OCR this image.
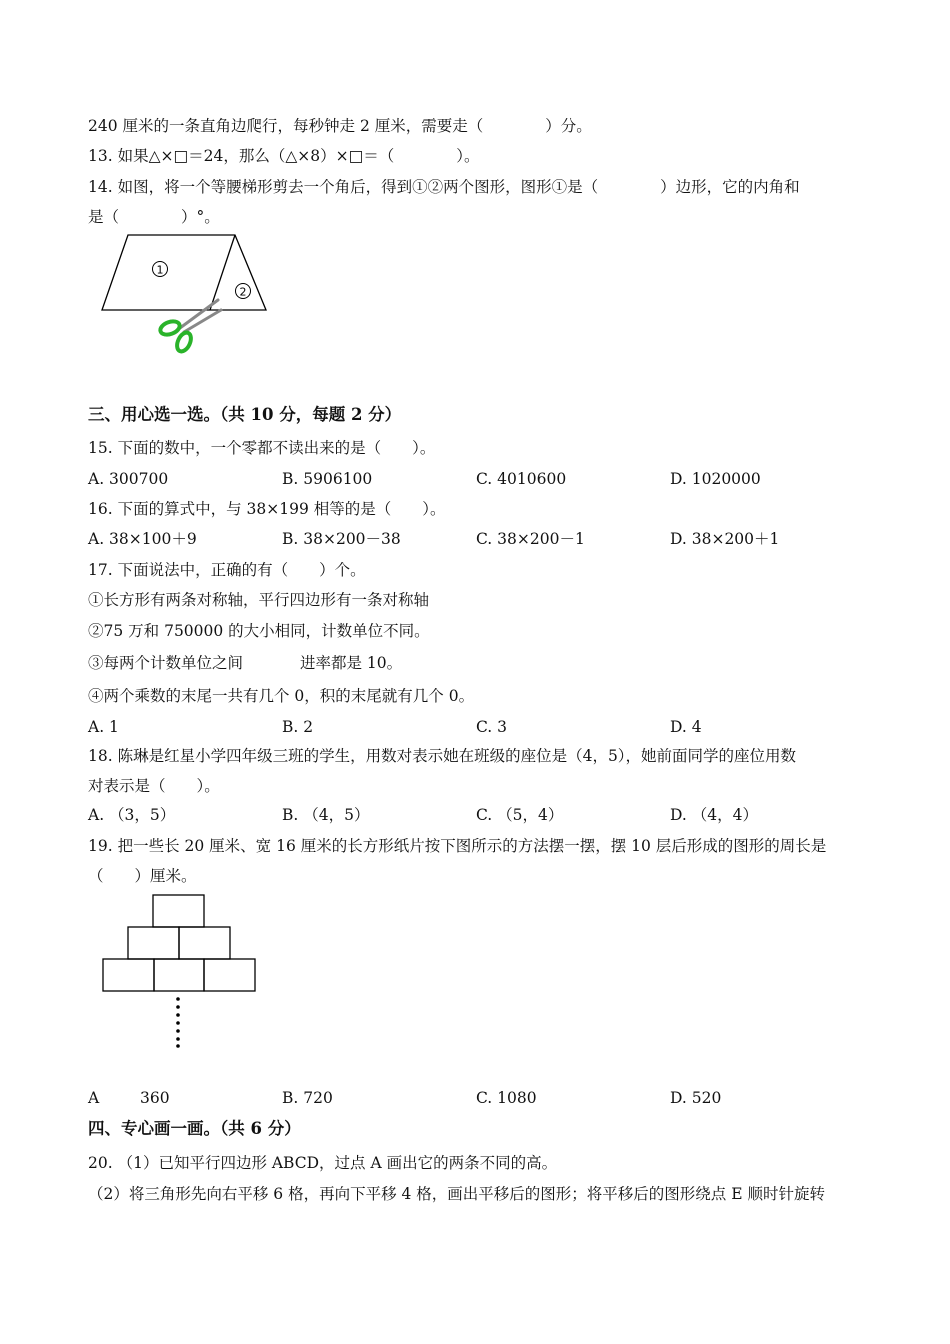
240 厘米的一条直角边爬行，每秒钟走 2 厘米，需要走（　　　　）分。
13. 如果△×□＝24，那么（△×8）×□＝（　　　　）。
14. 如图，将一个等腰梯形剪去一个角后，得到①②两个图形，图形①是（　　　　）边形，它的内角和
是（　　　　）°。
1
2
三、用心选一选。（共 10 分，每题 2 分）
15. 下面的数中，一个零都不读出来的是（　　）。
A. 300700	B. 5906100	C. 4010600	D. 1020000
16. 下面的算式中，与 38×199 相等的是（　　）。
A. 38×100＋9	B. 38×200－38	C. 38×200－1	D. 38×200＋1
17. 下面说法中，正确的有（　　）个。
①长方形有两条对称轴，平行四边形有一条对称轴
②75 万和 750000 的大小相同，计数单位不同。
③每两个计数单位之间	进率都是 10。
④两个乘数的末尾一共有几个 0，积的末尾就有几个 0。
A. 1	B. 2	C. 3	D. 4
18. 陈琳是红星小学四年级三班的学生，用数对表示她在班级的座位是（4，5），她前面同学的座位用数
对表示是（　　）。
A. （3，5）	B. （4，5）	C. （5，4）	D. （4，4）
19. 把一些长 20 厘米、宽 16 厘米的长方形纸片按下图所示的方法摆一摆，摆 10 层后形成的图形的周长是
（　　）厘米。
A	360	B. 720	C. 1080	D. 520
四、专心画一画。（共 6 分）
20. （1）已知平行四边形 ABCD，过点 A 画出它的两条不同的高。
（2）将三角形先向右平移 6 格，再向下平移 4 格，画出平移后的图形；将平移后的图形绕点 E 顺时针旋转
